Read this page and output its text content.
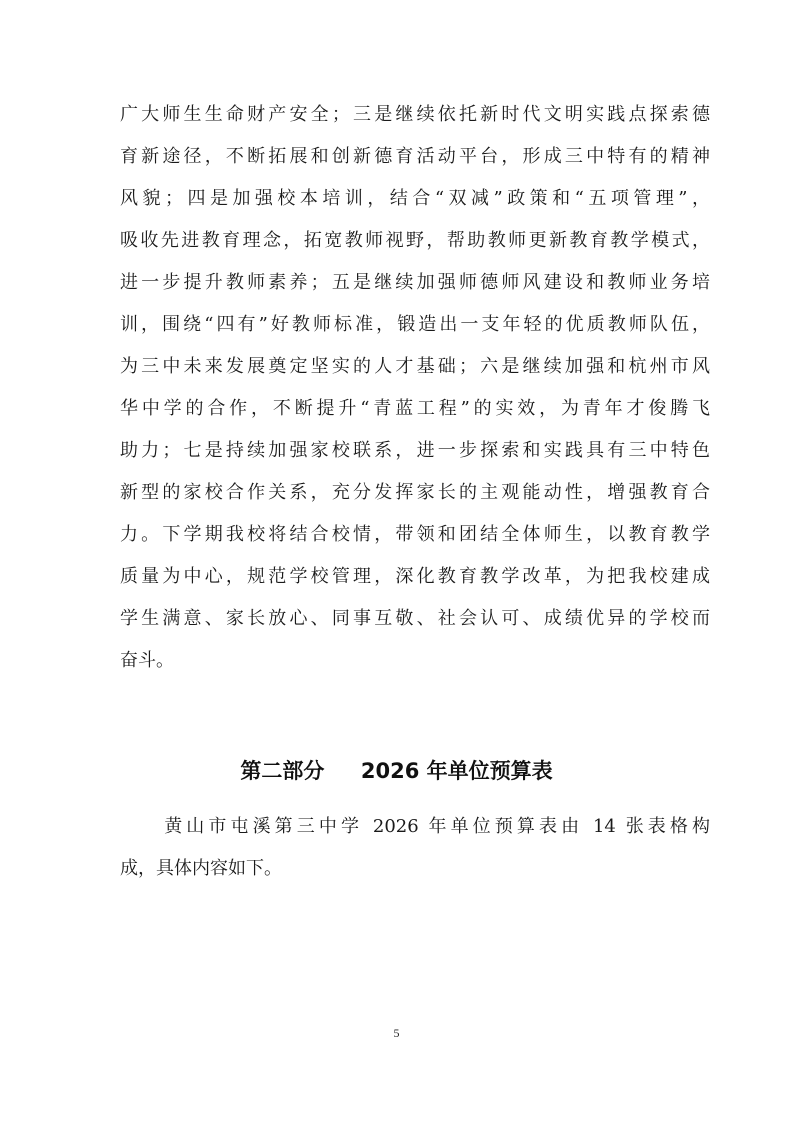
广大师生生命财产安全；三是继续依托新时代文明实践点探索德
育新途径，不断拓展和创新德育活动平台，形成三中特有的精神
风貌；四是加强校本培训，结合“双减”政策和“五项管理”，
吸收先进教育理念，拓宽教师视野，帮助教师更新教育教学模式，
进一步提升教师素养；五是继续加强师德师风建设和教师业务培
训，围绕“四有”好教师标准，锻造出一支年轻的优质教师队伍，
为三中未来发展奠定坚实的人才基础；六是继续加强和杭州市风
华中学的合作，不断提升“青蓝工程”的实效，为青年才俊腾飞
助力；七是持续加强家校联系，进一步探索和实践具有三中特色
新型的家校合作关系，充分发挥家长的主观能动性，增强教育合
力。下学期我校将结合校情，带领和团结全体师生，以教育教学
质量为中心，规范学校管理，深化教育教学改革，为把我校建成
学生满意、家长放心、同事互敬、社会认可、成绩优异的学校而
奋斗。
第二部分     2026 年单位预算表
　　黄山市屯溪第三中学 2026 年单位预算表由 14 张表格构
成，具体内容如下。
5
